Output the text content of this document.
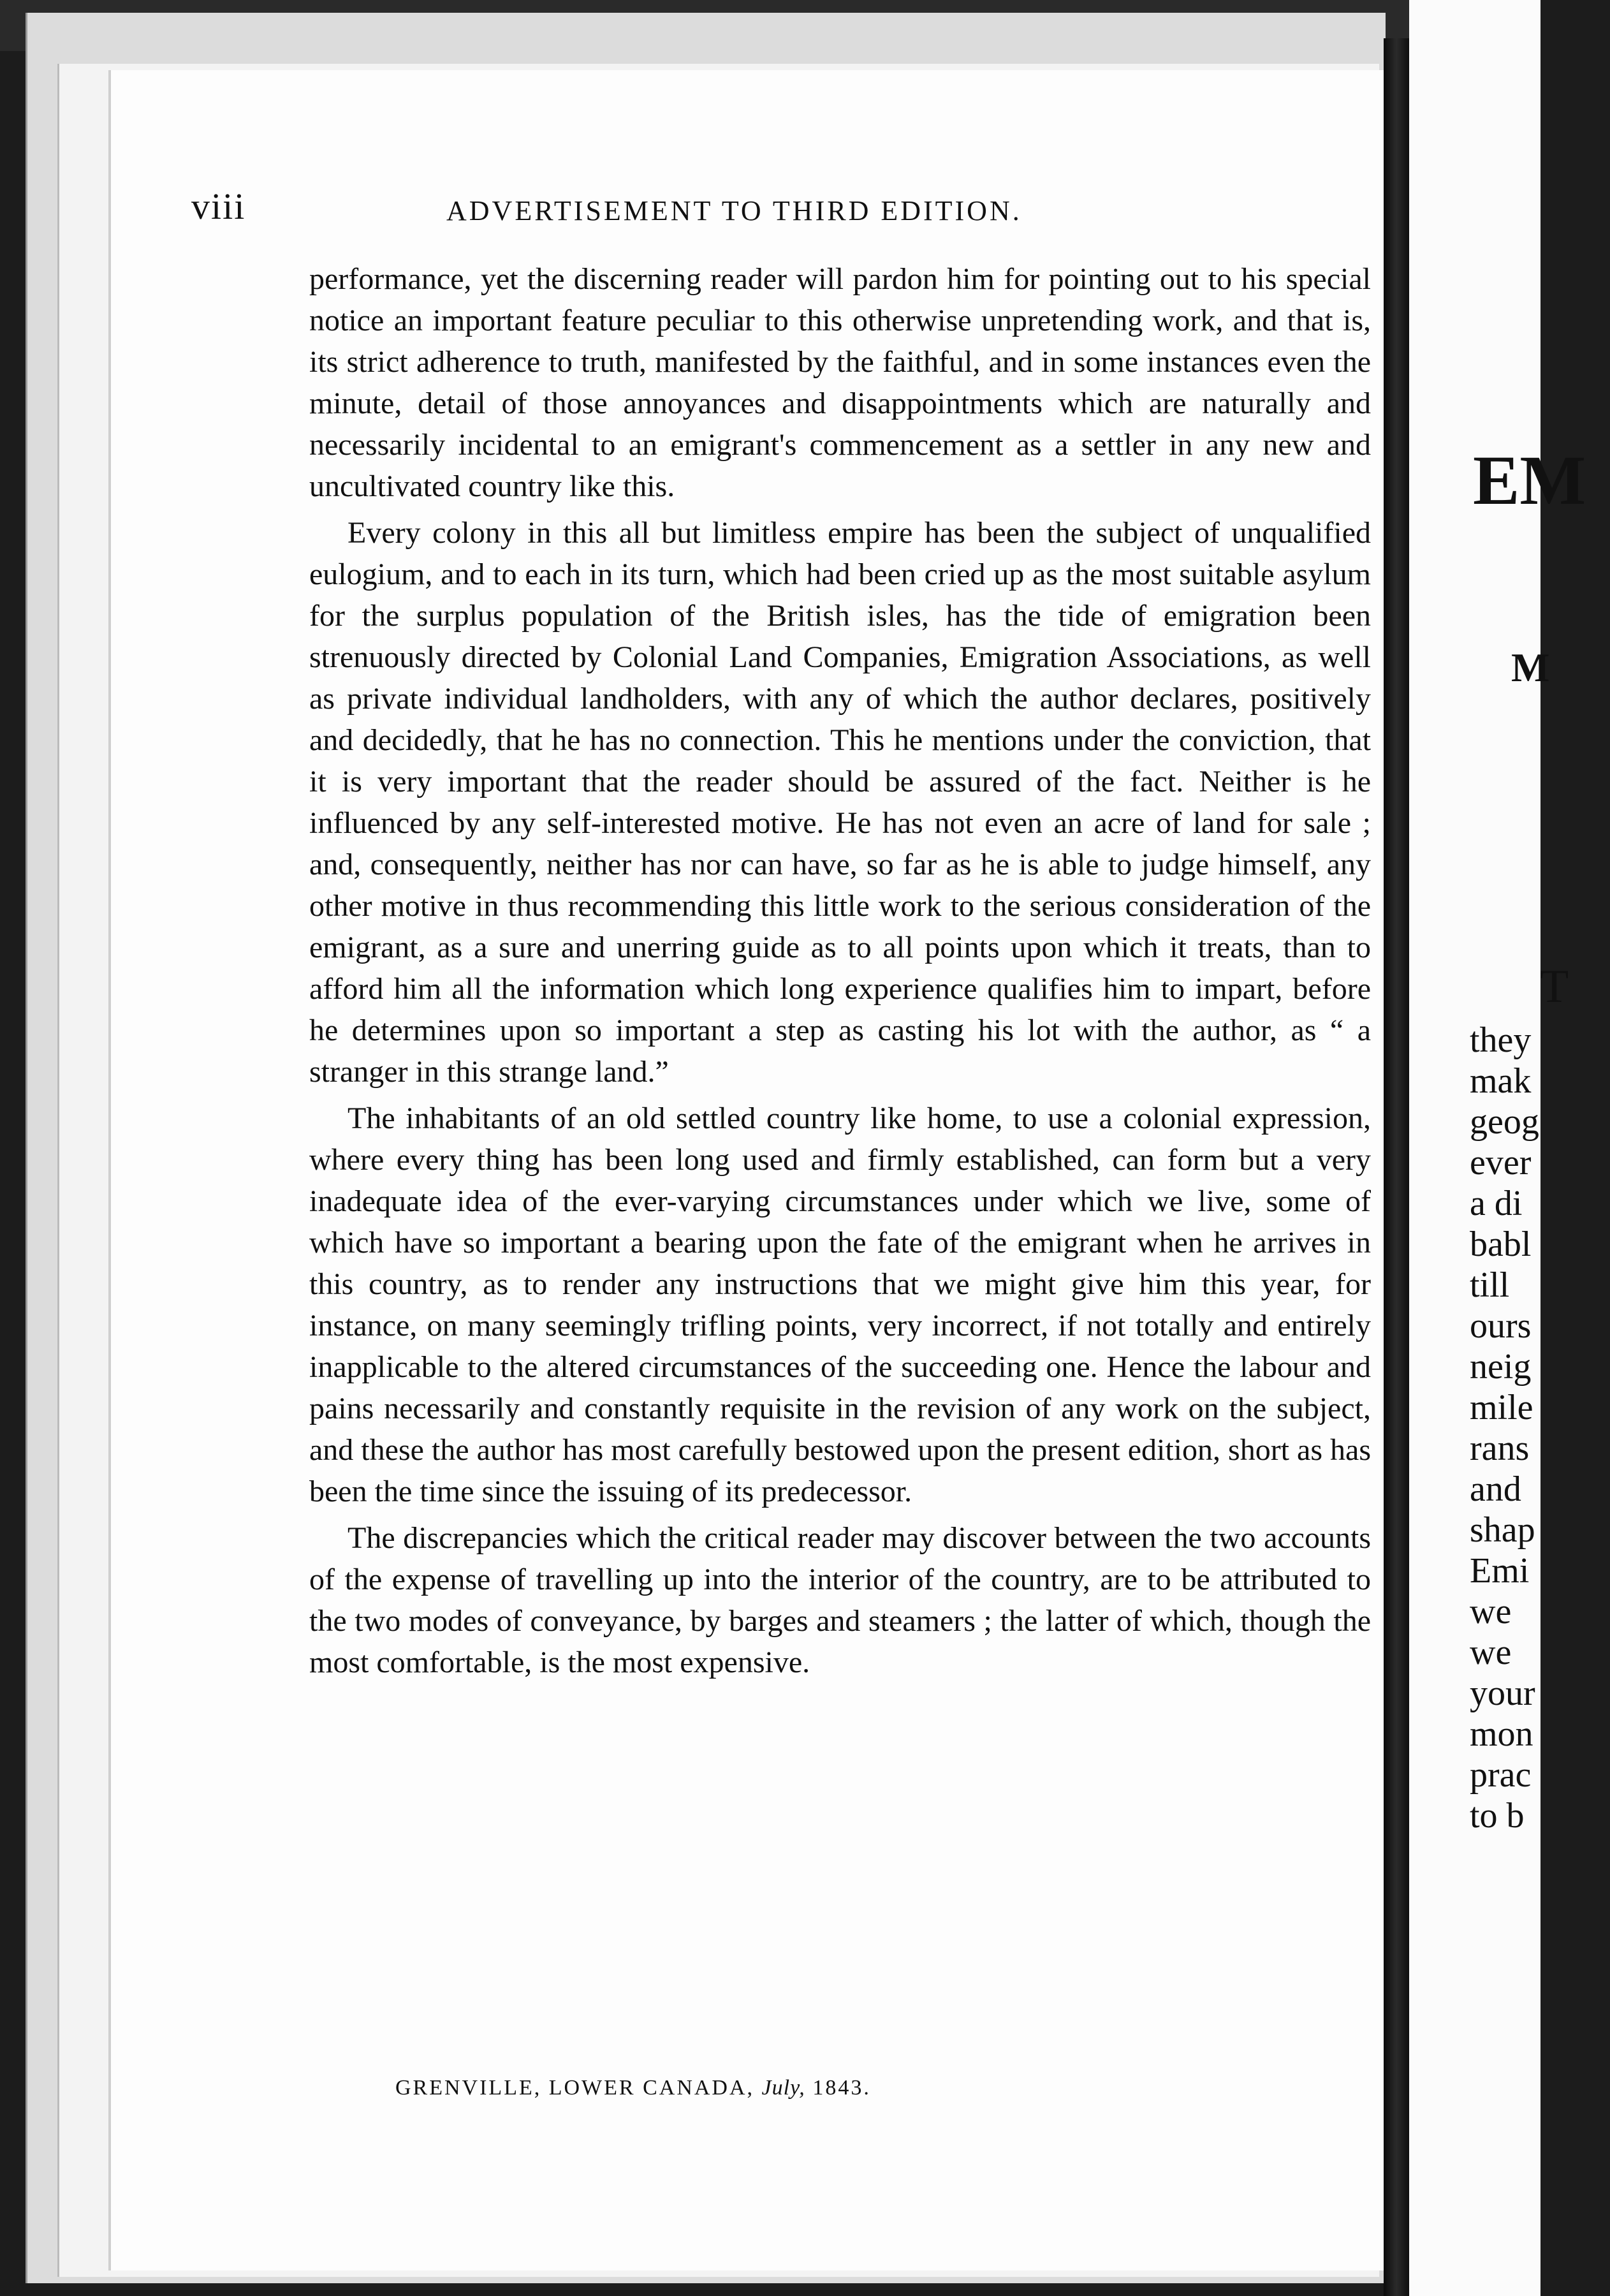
viii	ADVERTISEMENT TO THIRD EDITION.

performance, yet the discerning reader will pardon him for pointing out to his special notice an important feature peculiar to this otherwise unpretending work, and that is, its strict adherence to truth, manifested by the faithful, and in some instances even the minute, detail of those annoyances and disappointments which are naturally and necessarily incidental to an emigrant's commencement as a settler in any new and uncultivated country like this.

Every colony in this all but limitless empire has been the subject of unqualified eulogium, and to each in its turn, which had been cried up as the most suitable asylum for the surplus population of the British isles, has the tide of emigration been strenuously directed by Colonial Land Companies, Emigration Associations, as well as private individual landholders, with any of which the author declares, positively and decidedly, that he has no connection. This he mentions under the conviction, that it is very important that the reader should be assured of the fact. Neither is he influenced by any self-interested motive. He has not even an acre of land for sale ; and, consequently, neither has nor can have, so far as he is able to judge himself, any other motive in thus recommending this little work to the serious consideration of the emigrant, as a sure and unerring guide as to all points upon which it treats, than to afford him all the information which long experience qualifies him to impart, before he determines upon so important a step as casting his lot with the author, as “ a stranger in this strange land.”

The inhabitants of an old settled country like home, to use a colonial expression, where every thing has been long used and firmly established, can form but a very inadequate idea of the ever-varying circumstances under which we live, some of which have so important a bearing upon the fate of the emigrant when he arrives in this country, as to render any instructions that we might give him this year, for instance, on many seemingly trifling points, very incorrect, if not totally and entirely inapplicable to the altered circumstances of the succeeding one. Hence the labour and pains necessarily and constantly requisite in the revision of any work on the subject, and these the author has most carefully bestowed upon the present edition, short as has been the time since the issuing of its predecessor.

The discrepancies which the critical reader may discover between the two accounts of the expense of travelling up into the interior of the country, are to be attributed to the two modes of conveyance, by barges and steamers ; the latter of which, though the most comfortable, is the most expensive.

GRENVILLE, LOWER CANADA, July, 1843.
EM
M
T
they
mak
geog
ever
a di
babl
till
ours
neig
mile
rans
and
shap
Emi
we
we
your
mon
prac
to b
